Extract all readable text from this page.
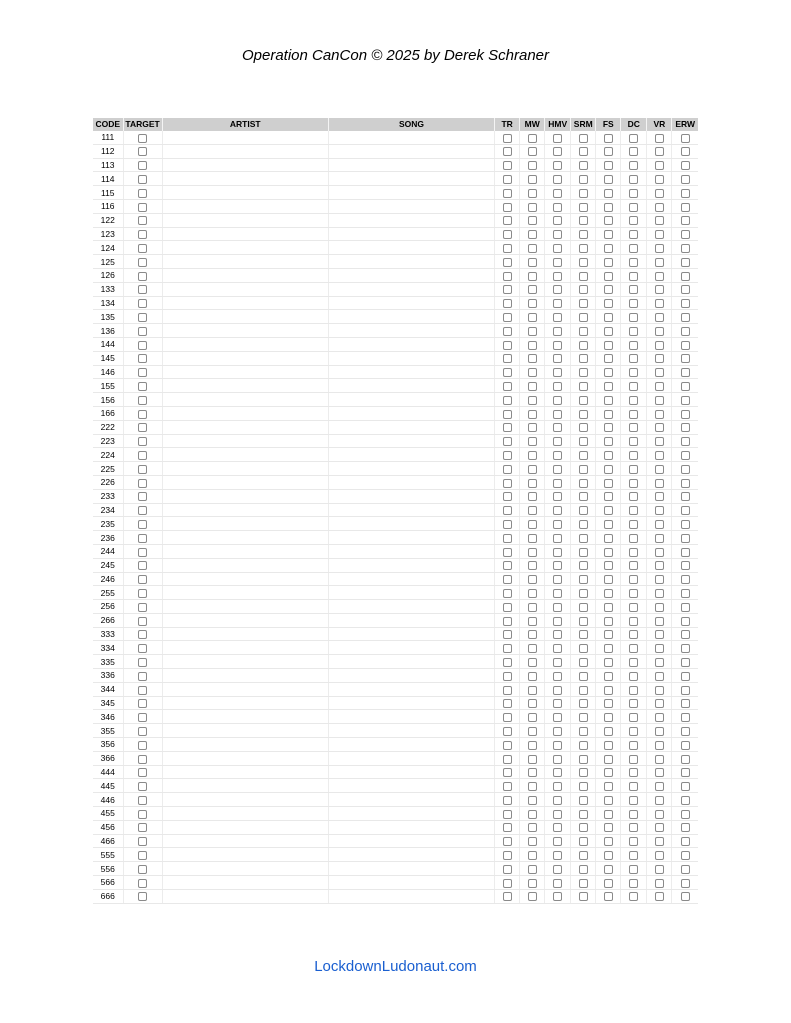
Operation CanCon © 2025 by Derek Schraner
CODE	TARGET	ARTIST	SONG	TR	MW	HMV	SRM	FS	DC	VR	ERW
111											
112											
113											
114											
115											
116											
122											
123											
124											
125											
126											
133											
134											
135											
136											
144											
145											
146											
155											
156											
166											
222											
223											
224											
225											
226											
233											
234											
235											
236											
244											
245											
246											
255											
256											
266											
333											
334											
335											
336											
344											
345											
346											
355											
356											
366											
444											
445											
446											
455											
456											
466											
555											
556											
566											
666											
LockdownLudonaut.com
